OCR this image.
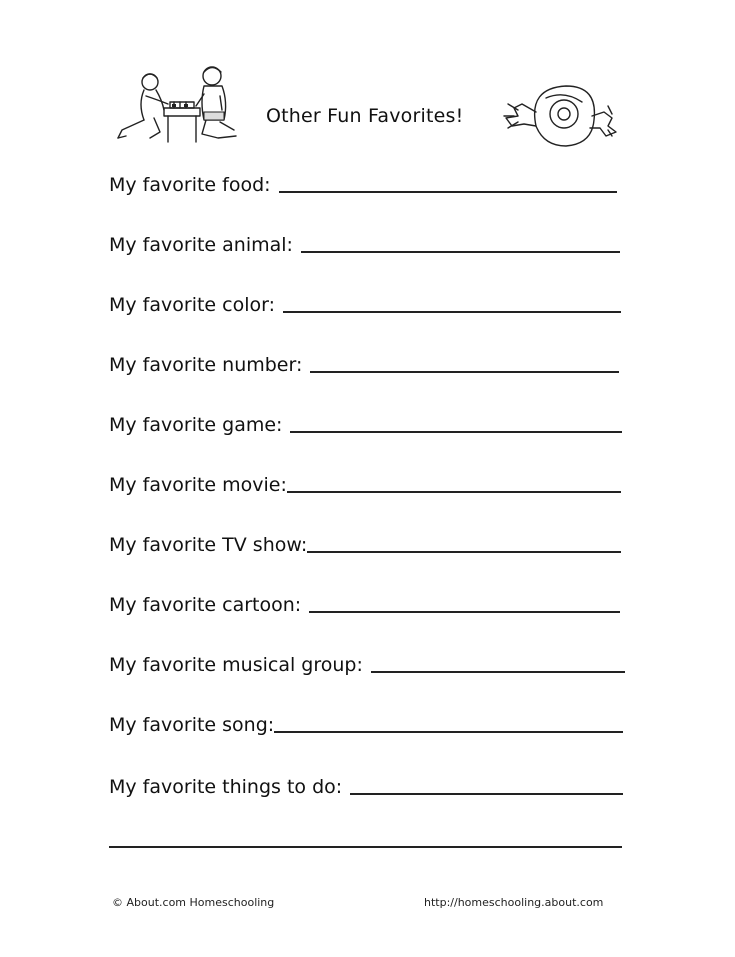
Other Fun Favorites!
My favorite food:
My favorite animal:
My favorite color:
My favorite number:
My favorite game:
My favorite movie:
My favorite TV show:
My favorite cartoon:
My favorite musical group:
My favorite song:
My favorite things to do:
© About.com Homeschooling	http://homeschooling.about.com
